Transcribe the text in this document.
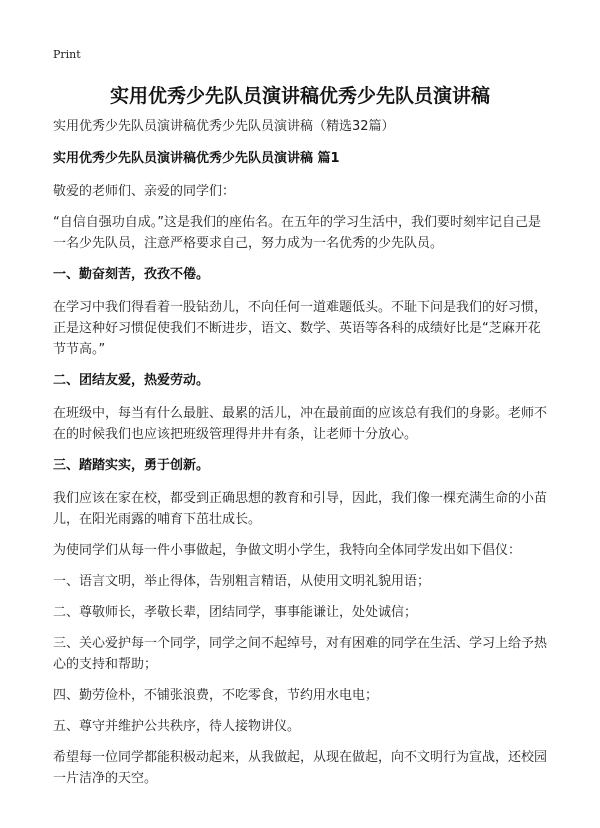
Print
实用优秀少先队员演讲稿优秀少先队员演讲稿

实用优秀少先队员演讲稿优秀少先队员演讲稿（精选32篇）

实用优秀少先队员演讲稿优秀少先队员演讲稿 篇1

敬爱的老师们、亲爱的同学们：

“自信自强功自成。”这是我们的座佑名。在五年的学习生活中，我们要时刻牢记自己是一名少先队员，注意严格要求自己，努力成为一名优秀的少先队员。

一、勤奋刻苦，孜孜不倦。

在学习中我们得看着一股钻劲儿，不向任何一道难题低头。不耻下问是我们的好习惯，正是这种好习惯促使我们不断进步，语文、数学、英语等各科的成绩好比是“芝麻开花节节高。”

二、团结友爱，热爱劳动。

在班级中，每当有什么最脏、最累的活儿，冲在最前面的应该总有我们的身影。老师不在的时候我们也应该把班级管理得井井有条，让老师十分放心。

三、踏踏实实，勇于创新。

我们应该在家在校，都受到正确思想的教育和引导，因此，我们像一棵充满生命的小苗儿，在阳光雨露的哺育下茁壮成长。

为使同学们从每一件小事做起，争做文明小学生，我特向全体同学发出如下倡仪：

一、语言文明，举止得体，告别粗言精语，从使用文明礼貌用语；

二、尊敬师长，孝敬长辈，团结同学，事事能谦让，处处诚信；

三、关心爱护每一个同学，同学之间不起绰号，对有困难的同学在生活、学习上给予热心的支持和帮助；

四、勤劳俭朴，不铺张浪费，不吃零食，节约用水电电；

五、尊守并维护公共秩序，待人接物讲仪。

希望每一位同学都能积极动起来，从我做起，从现在做起，向不文明行为宣战，还校园一片洁净的天空。
